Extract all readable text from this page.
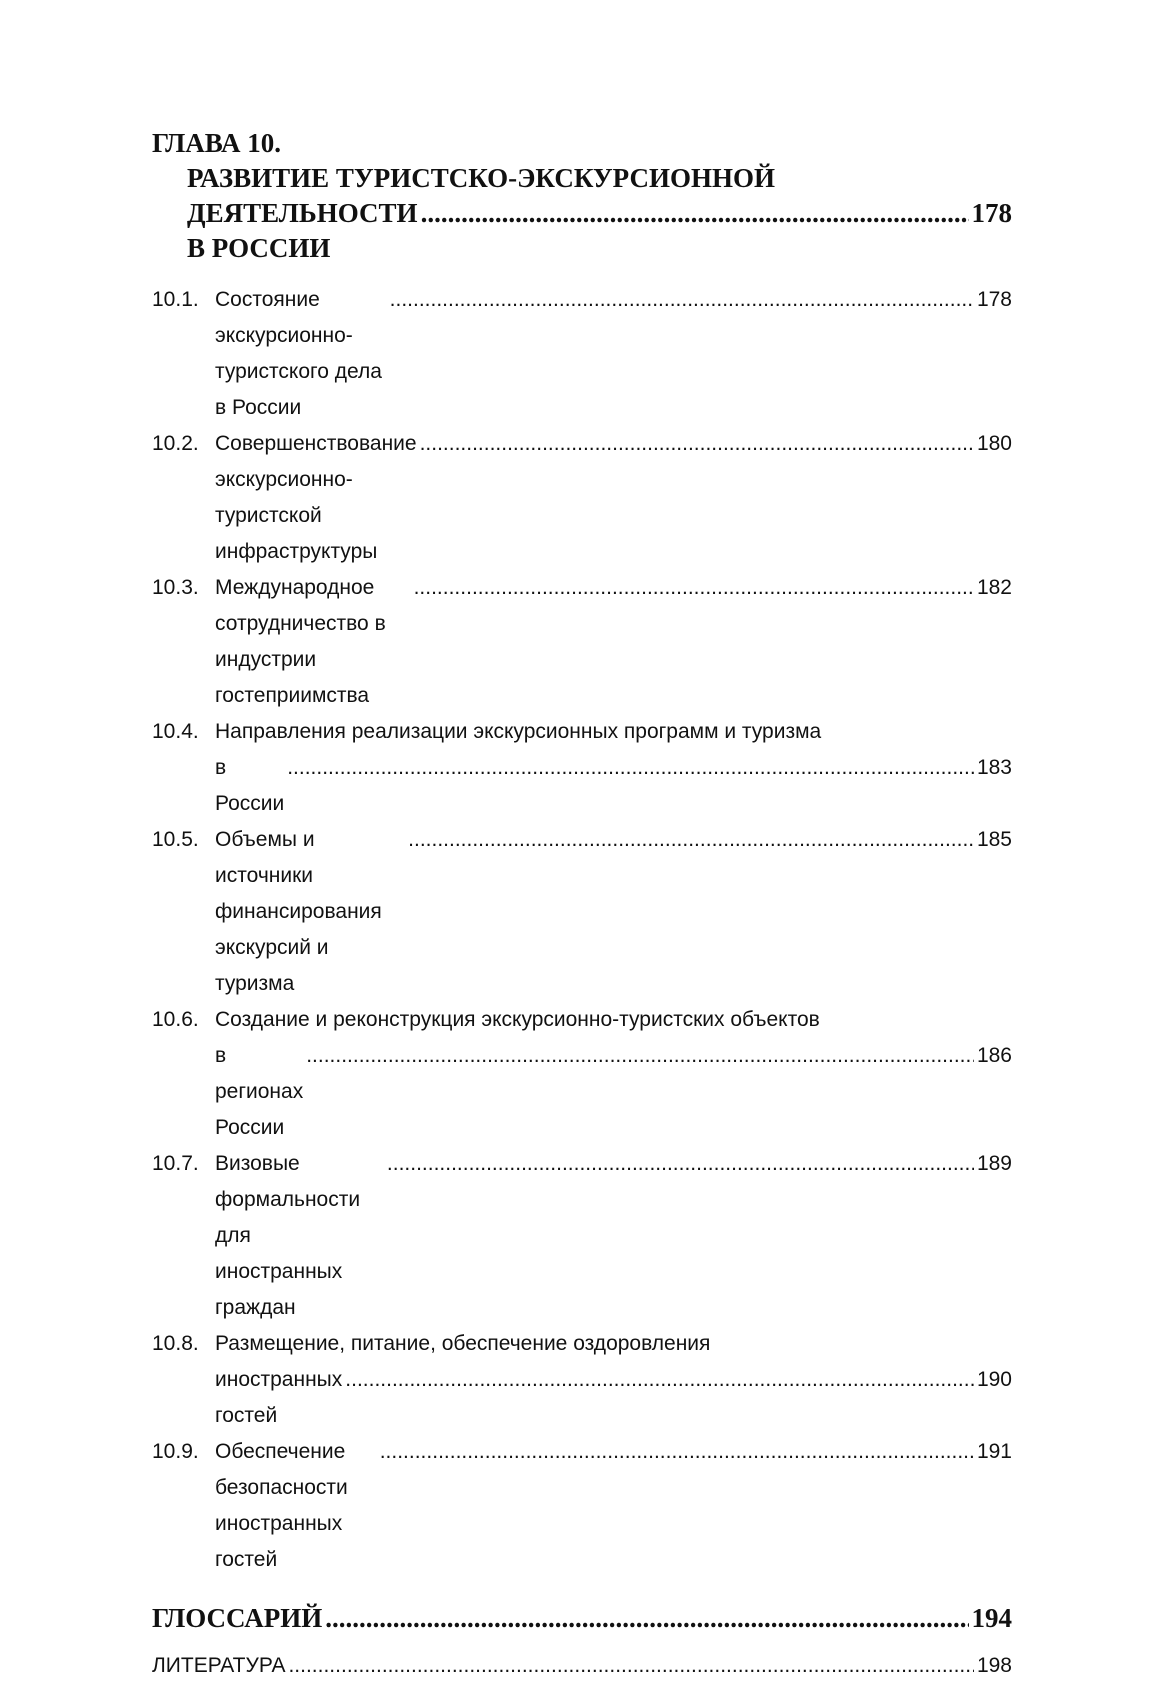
ГЛАВА 10.
РАЗВИТИЕ ТУРИСТСКО-ЭКСКУРСИОННОЙ
ДЕЯТЕЛЬНОСТИ В РОССИИ
.....
178
10.1. Состояние экскурсионно-туристского дела в России
.....
178
10.2. Совершенствование экскурсионно-туристской инфраструктуры
.....
180
10.3. Международное сотрудничество в индустрии гостеприимства
.....
182
10.4. Направления реализации экскурсионных программ и туризма
в России
.....
183
10.5. Объемы и источники финансирования экскурсий и туризма
.....
185
10.6. Создание и реконструкция экскурсионно-туристских объектов
в регионах России
.....
186
10.7. Визовые формальности для иностранных граждан
.....
189
10.8. Размещение, питание, обеспечение оздоровления
иностранных гостей
.....
190
10.9. Обеспечение безопасности иностранных гостей
.....
191
ГЛОССАРИЙ .....	194
ЛИТЕРАТУРА .....	198
